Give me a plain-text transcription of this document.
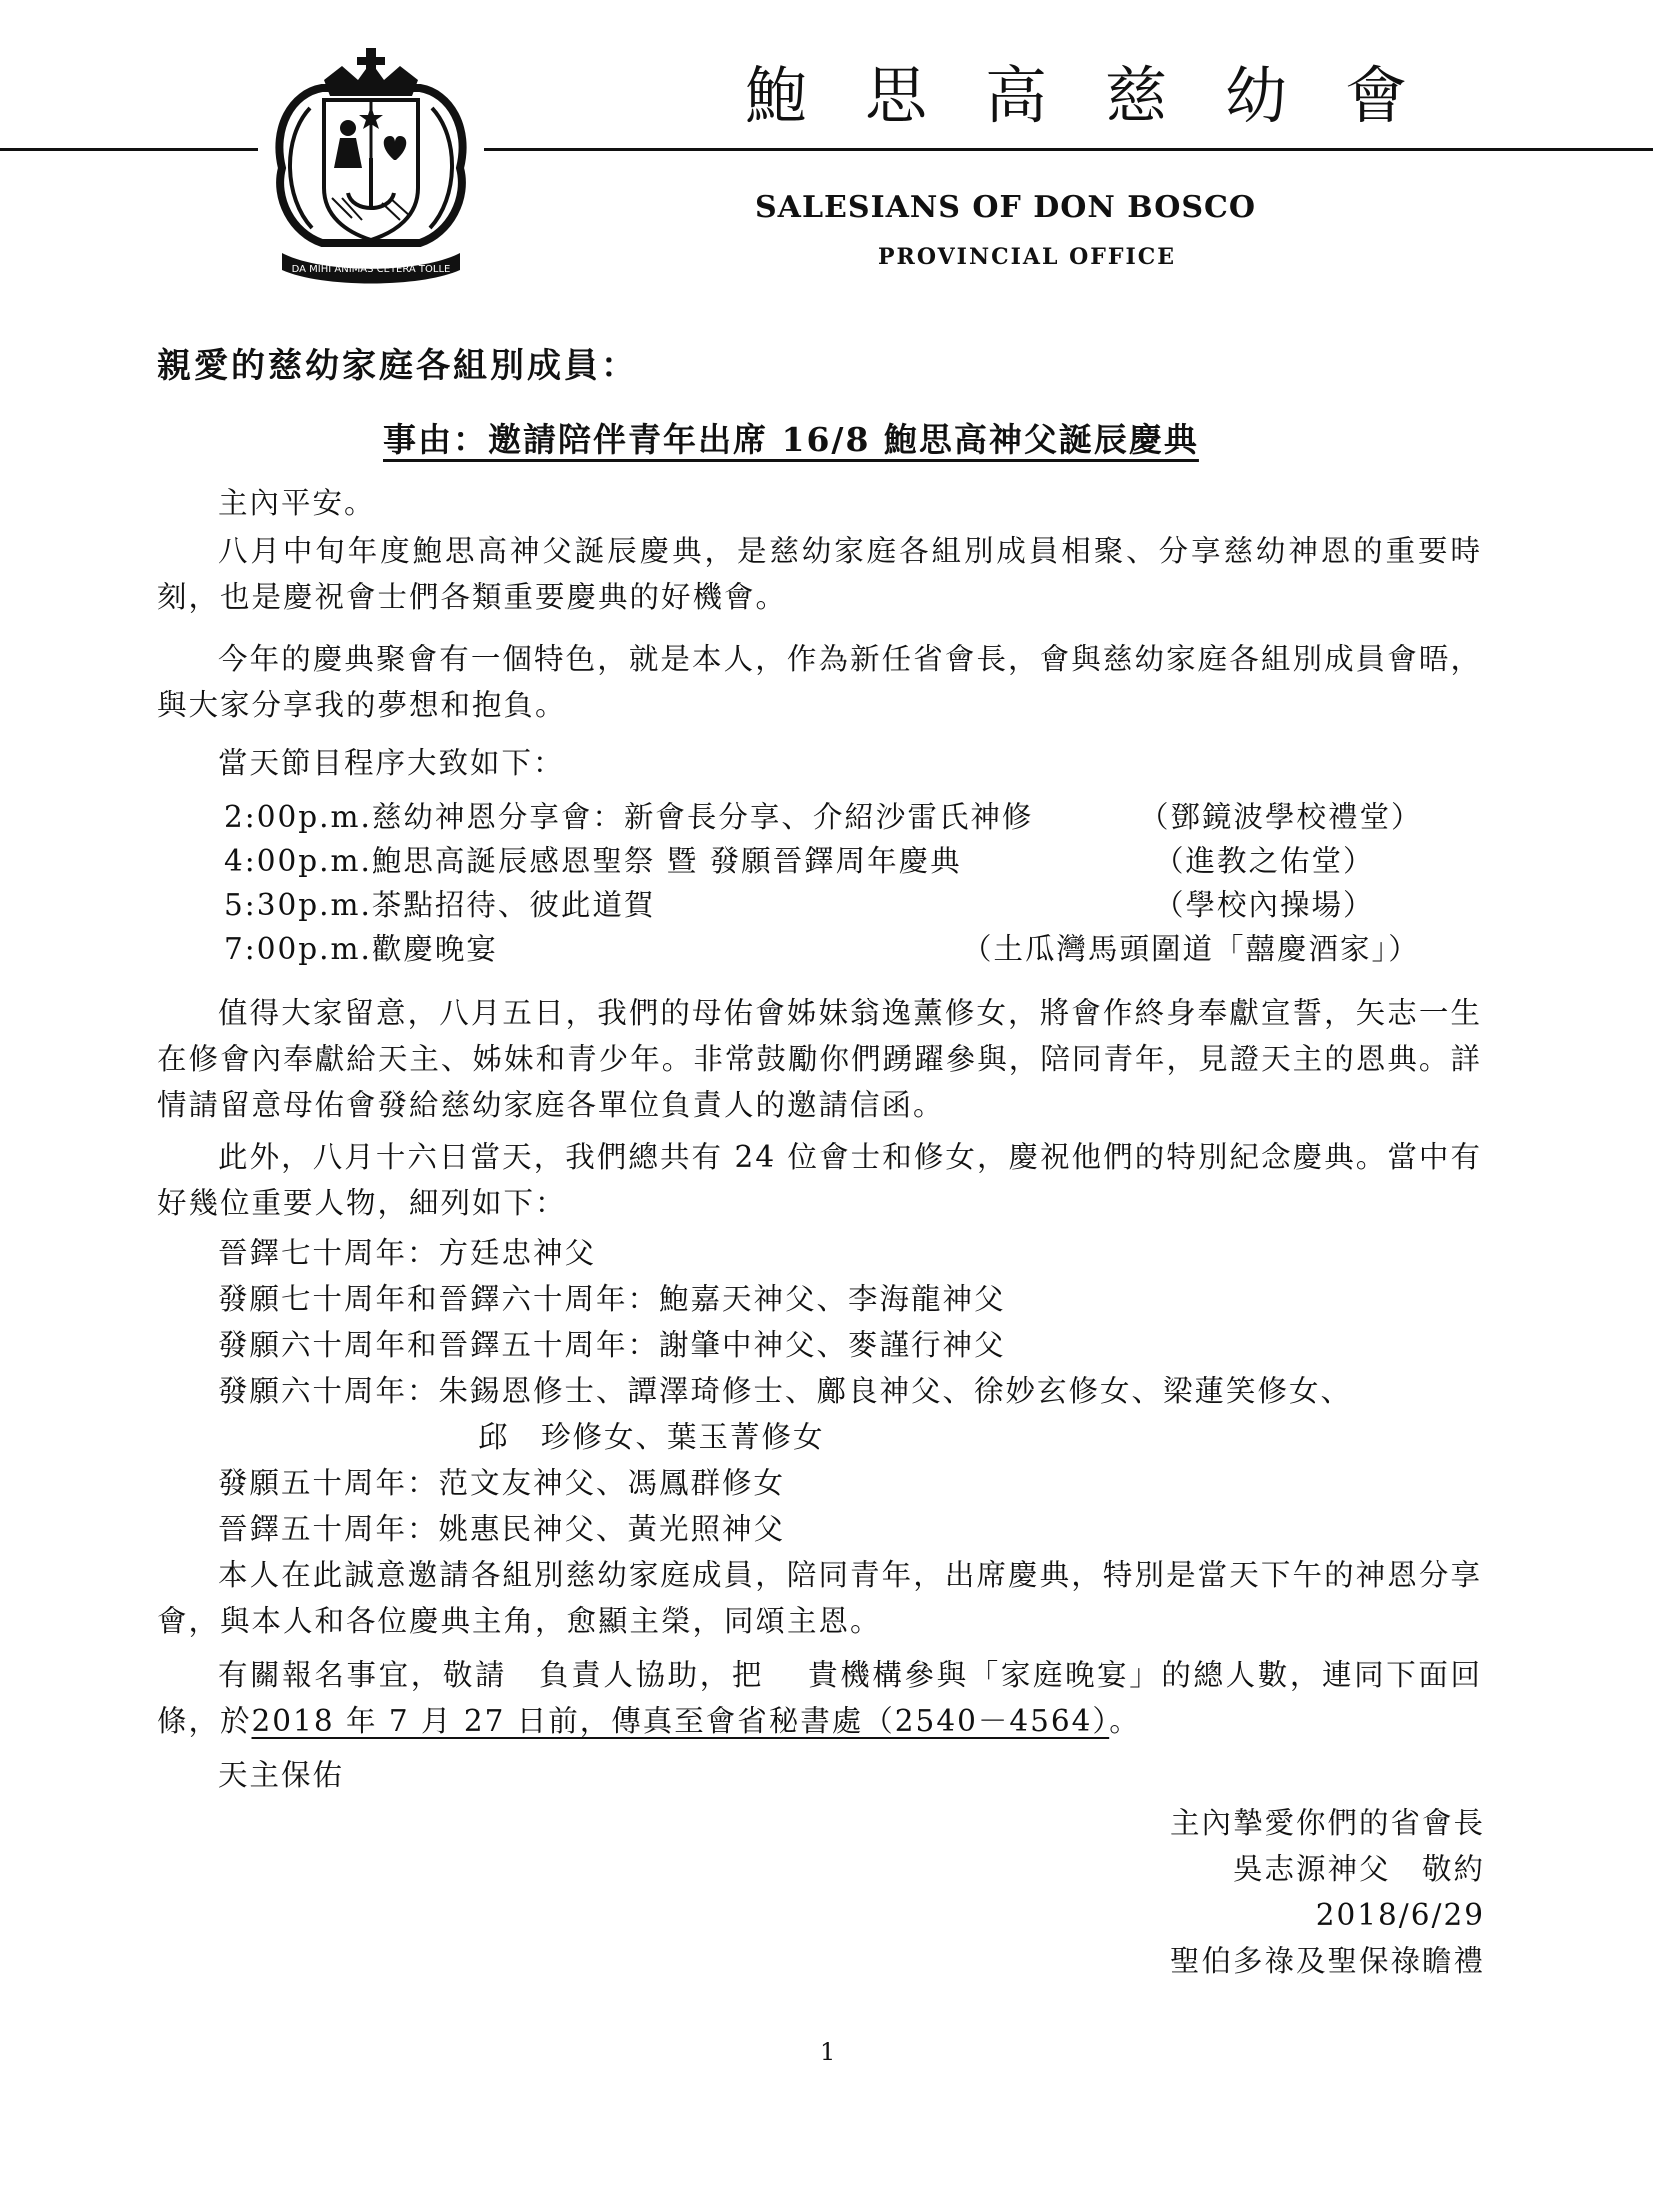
DA MIHI ANIMAS CETERA TOLLE
鮑思高慈幼會
SALESIANS OF DON BOSCO
PROVINCIAL OFFICE
親愛的慈幼家庭各組別成員：
事由：邀請陪伴青年出席 16/8 鮑思高神父誕辰慶典
主內平安。
八月中旬年度鮑思高神父誕辰慶典，是慈幼家庭各組別成員相聚、分享慈幼神恩的重要時刻，也是慶祝會士們各類重要慶典的好機會。
今年的慶典聚會有一個特色，就是本人，作為新任省會長，會與慈幼家庭各組別成員會晤，與大家分享我的夢想和抱負。
當天節目程序大致如下：
2:00p.m.慈幼神恩分享會：新會長分享、介紹沙雷氏神修	（鄧鏡波學校禮堂）
4:00p.m.鮑思高誕辰感恩聖祭 暨 發願晉鐸周年慶典	（進教之佑堂）
5:30p.m.茶點招待、彼此道賀	（學校內操場）
7:00p.m.歡慶晚宴	（土瓜灣馬頭圍道「囍慶酒家」）
值得大家留意，八月五日，我們的母佑會姊妹翁逸薰修女，將會作終身奉獻宣誓，矢志一生在修會內奉獻給天主、姊妹和青少年。非常鼓勵你們踴躍參與，陪同青年，見證天主的恩典。詳情請留意母佑會發給慈幼家庭各單位負責人的邀請信函。
此外，八月十六日當天，我們總共有 24 位會士和修女，慶祝他們的特別紀念慶典。當中有好幾位重要人物，細列如下：
晉鐸七十周年：方廷忠神父
發願七十周年和晉鐸六十周年：鮑嘉天神父、李海龍神父
發願六十周年和晉鐸五十周年：謝肇中神父、麥謹行神父
發願六十周年：朱錫恩修士、譚澤琦修士、鄺良神父、徐妙玄修女、梁蓮笑修女、
邱　珍修女、葉玉菁修女
發願五十周年：范文友神父、馮鳳群修女
晉鐸五十周年：姚惠民神父、黃光照神父
本人在此誠意邀請各組別慈幼家庭成員，陪同青年，出席慶典，特別是當天下午的神恩分享會，與本人和各位慶典主角，愈顯主榮，同頌主恩。
有關報名事宜，敬請　負責人協助，把　 貴機構參與「家庭晚宴」的總人數，連同下面回條，於2018 年 7 月 27 日前，傳真至會省秘書處（2540－4564）。
天主保佑
主內摯愛你們的省會長
吳志源神父　敬約
2018/6/29
聖伯多祿及聖保祿瞻禮
1
